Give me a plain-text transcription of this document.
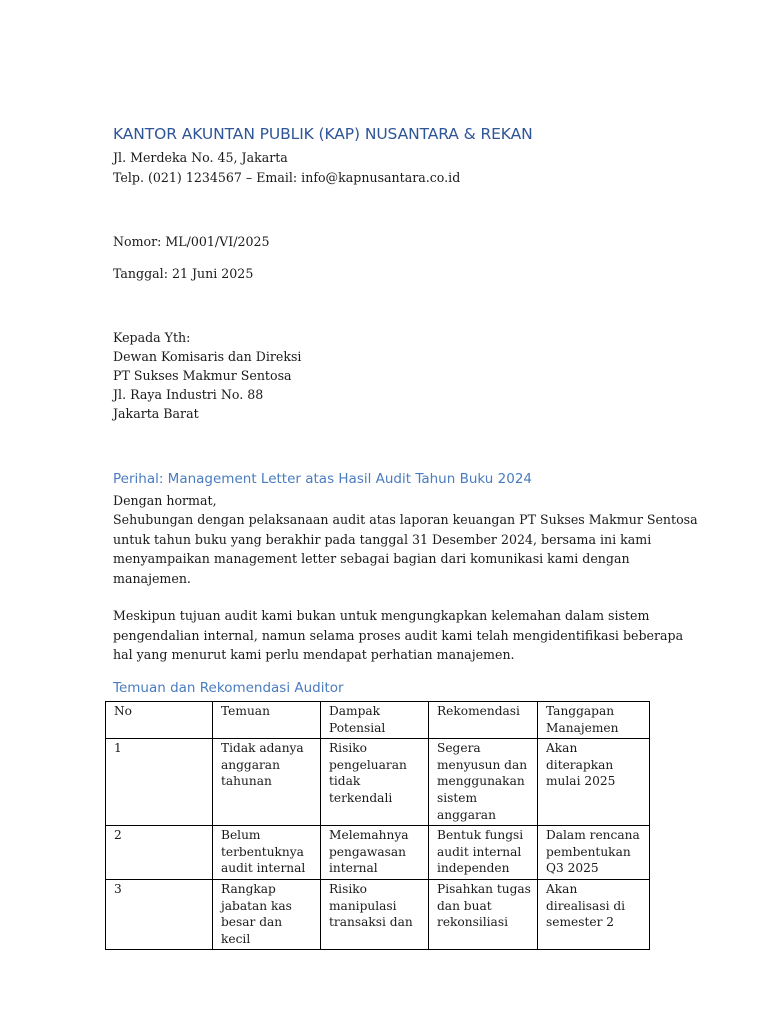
KANTOR AKUNTAN PUBLIK (KAP) NUSANTARA & REKAN
Jl. Merdeka No. 45, Jakarta
Telp. (021) 1234567 – Email: info@kapnusantara.co.id
Nomor: ML/001/VI/2025
Tanggal: 21 Juni 2025
Kepada Yth:
Dewan Komisaris dan Direksi
PT Sukses Makmur Sentosa
Jl. Raya Industri No. 88
Jakarta Barat
Perihal: Management Letter atas Hasil Audit Tahun Buku 2024
Dengan hormat,
Sehubungan dengan pelaksanaan audit atas laporan keuangan PT Sukses Makmur Sentosa
untuk tahun buku yang berakhir pada tanggal 31 Desember 2024, bersama ini kami
menyampaikan management letter sebagai bagian dari komunikasi kami dengan
manajemen.
Meskipun tujuan audit kami bukan untuk mengungkapkan kelemahan dalam sistem
pengendalian internal, namun selama proses audit kami telah mengidentifikasi beberapa
hal yang menurut kami perlu mendapat perhatian manajemen.
Temuan dan Rekomendasi Auditor
No	Temuan	Dampak Potensial	Rekomendasi	Tanggapan Manajemen
1	Tidak adanya anggaran tahunan	Risiko pengeluaran tidak terkendali	Segera menyusun dan menggunakan sistem anggaran	Akan diterapkan mulai 2025
2	Belum terbentuknya audit internal	Melemahnya pengawasan internal	Bentuk fungsi audit internal independen	Dalam rencana pembentukan Q3 2025
3	Rangkap jabatan kas besar dan kecil	Risiko manipulasi transaksi dan	Pisahkan tugas dan buat rekonsiliasi	Akan direalisasi di semester 2
